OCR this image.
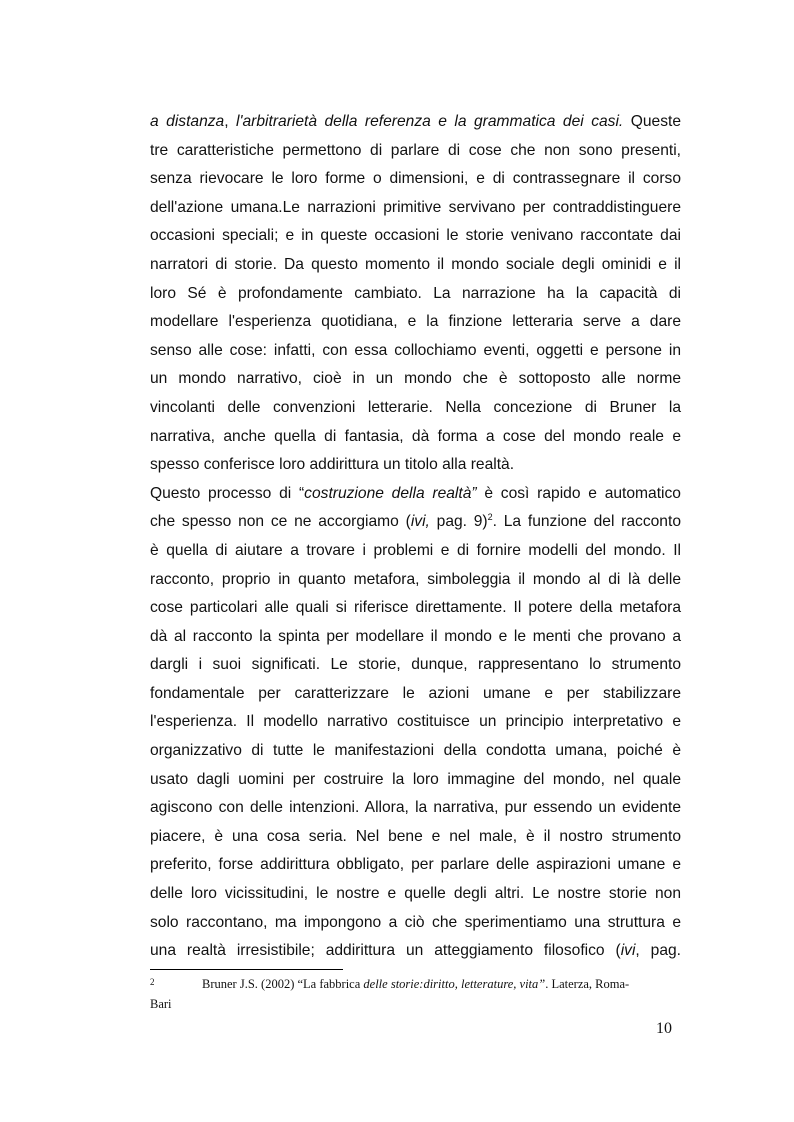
a distanza, l'arbitrarietà della referenza e la grammatica dei casi. Queste
tre caratteristiche permettono di parlare di cose che non sono presenti,
senza rievocare le loro forme o dimensioni, e di contrassegnare il corso
dell'azione umana.Le narrazioni primitive servivano per contraddistinguere
occasioni speciali; e in queste occasioni le storie venivano raccontate dai
narratori di storie. Da questo momento il mondo sociale degli ominidi e il
loro Sé è profondamente cambiato. La narrazione ha la capacità di
modellare l'esperienza quotidiana, e la finzione letteraria serve a dare
senso alle cose: infatti, con essa collochiamo eventi, oggetti e persone in
un mondo narrativo, cioè in un mondo che è sottoposto alle norme
vincolanti delle convenzioni letterarie. Nella concezione di Bruner la
narrativa, anche quella di fantasia, dà forma a cose del mondo reale e
spesso conferisce loro addirittura un titolo alla realtà.
Questo processo di “costruzione della realtà” è così rapido e automatico
che spesso non ce ne accorgiamo (ivi, pag. 9)$^2$. La funzione del racconto
è quella di aiutare a trovare i problemi e di fornire modelli del mondo. Il
racconto, proprio in quanto metafora, simboleggia il mondo al di là delle
cose particolari alle quali si riferisce direttamente. Il potere della metafora
dà al racconto la spinta per modellare il mondo e le menti che provano a
dargli i suoi significati. Le storie, dunque, rappresentano lo strumento
fondamentale per caratterizzare le azioni umane e per stabilizzare
l'esperienza. Il modello narrativo costituisce un principio interpretativo e
organizzativo di tutte le manifestazioni della condotta umana, poiché è
usato dagli uomini per costruire la loro immagine del mondo, nel quale
agiscono con delle intenzioni. Allora, la narrativa, pur essendo un evidente
piacere, è una cosa seria. Nel bene e nel male, è il nostro strumento
preferito, forse addirittura obbligato, per parlare delle aspirazioni umane e
delle loro vicissitudini, le nostre e quelle degli altri. Le nostre storie non
solo raccontano, ma impongono a ciò che sperimentiamo una struttura e
una realtà irresistibile; addirittura un atteggiamento filosofico (ivi, pag.
2	Bruner J.S. (2002) “La fabbrica delle storie:diritto, letterature, vita”. Laterza, Roma-
Bari
10
